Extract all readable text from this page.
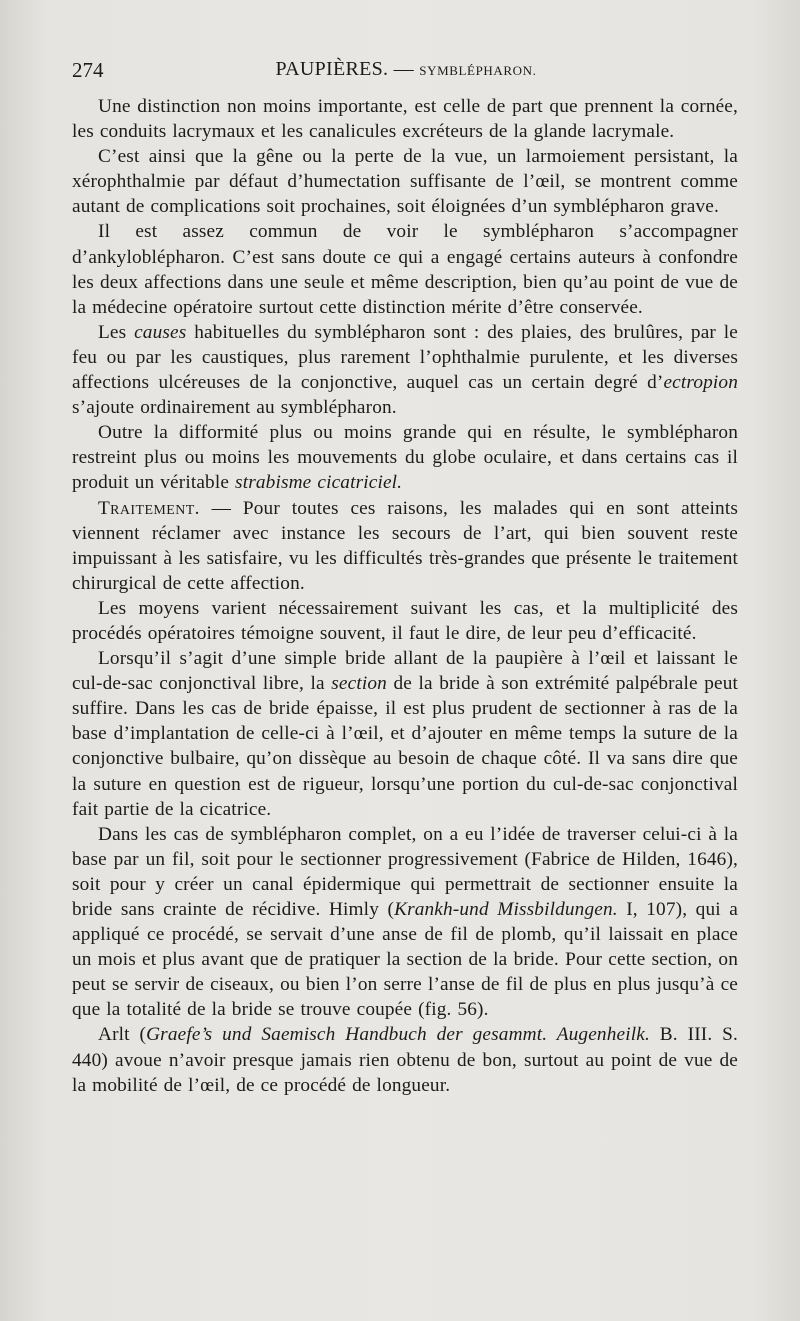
274	PAUPIÈRES. — SYMBLÉPHARON.

Une distinction non moins importante, est celle de part que prennent la cornée, les conduits lacrymaux et les canalicules excréteurs de la glande lacrymale.

C’est ainsi que la gêne ou la perte de la vue, un larmoiement persistant, la xérophthalmie par défaut d’humectation suffisante de l’œil, se montrent comme autant de complications soit prochaines, soit éloignées d’un symblépharon grave.

Il est assez commun de voir le symblépharon s’accompagner d’ankyloblépharon. C’est sans doute ce qui a engagé certains auteurs à confondre les deux affections dans une seule et même description, bien qu’au point de vue de la médecine opératoire surtout cette distinction mérite d’être conservée.

Les causes habituelles du symblépharon sont : des plaies, des brulûres, par le feu ou par les caustiques, plus rarement l’ophthalmie purulente, et les diverses affections ulcéreuses de la conjonctive, auquel cas un certain degré d’ectropion s’ajoute ordinairement au symblépharon.

Outre la difformité plus ou moins grande qui en résulte, le symblépharon restreint plus ou moins les mouvements du globe oculaire, et dans certains cas il produit un véritable strabisme cicatriciel.

Traitement. — Pour toutes ces raisons, les malades qui en sont atteints viennent réclamer avec instance les secours de l’art, qui bien souvent reste impuissant à les satisfaire, vu les difficultés très-grandes que présente le traitement chirurgical de cette affection.

Les moyens varient nécessairement suivant les cas, et la multiplicité des procédés opératoires témoigne souvent, il faut le dire, de leur peu d’efficacité.

Lorsqu’il s’agit d’une simple bride allant de la paupière à l’œil et laissant le cul-de-sac conjonctival libre, la section de la bride à son extrémité palpébrale peut suffire. Dans les cas de bride épaisse, il est plus prudent de sectionner à ras de la base d’implantation de celle-ci à l’œil, et d’ajouter en même temps la suture de la conjonctive bulbaire, qu’on dissèque au besoin de chaque côté. Il va sans dire que la suture en question est de rigueur, lorsqu’une portion du cul-de-sac conjonctival fait partie de la cicatrice.

Dans les cas de symblépharon complet, on a eu l’idée de traverser celui-ci à la base par un fil, soit pour le sectionner progressivement (Fabrice de Hilden, 1646), soit pour y créer un canal épidermique qui permettrait de sectionner ensuite la bride sans crainte de récidive. Himly (Krankh-und Missbildungen. I, 107), qui a appliqué ce procédé, se servait d’une anse de fil de plomb, qu’il laissait en place un mois et plus avant que de pratiquer la section de la bride. Pour cette section, on peut se servir de ciseaux, ou bien l’on serre l’anse de fil de plus en plus jusqu’à ce que la totalité de la bride se trouve coupée (fig. 56).

Arlt (Graefe’s und Saemisch Handbuch der gesammt. Augenheilk. B. III. S. 440) avoue n’avoir presque jamais rien obtenu de bon, surtout au point de vue de la mobilité de l’œil, de ce procédé de longueur.
